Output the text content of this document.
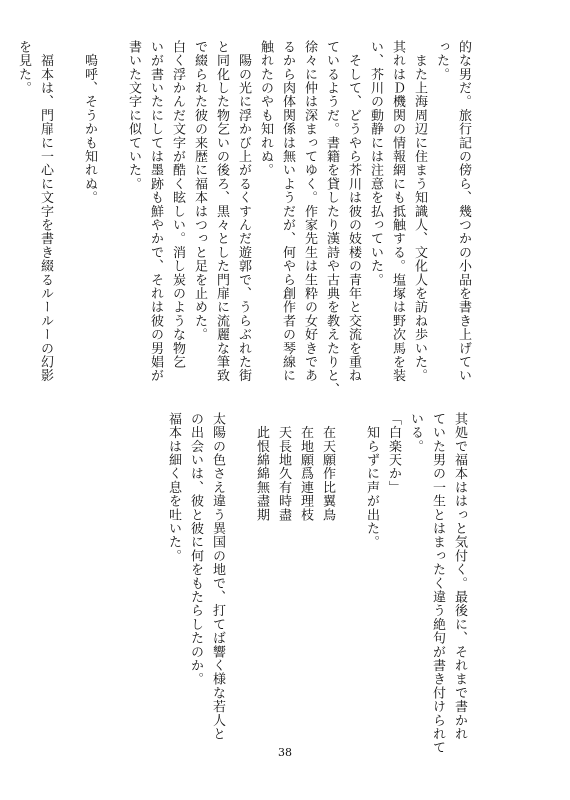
的な男だ。旅行記の傍ら、幾つかの小品を書き上げてい
った。
　また上海周辺に住まう知識人、文化人を訪ね歩いた。
其れはＤ機関の情報網にも抵触する。塩塚は野次馬を装
い、芥川の動静には注意を払っていた。
　そして、どうやら芥川は彼の妓楼の青年と交流を重ね
ているようだ。書籍を貸したり漢詩や古典を教えたりと、
徐々に仲は深まってゆく。作家先生は生粋の女好きであ
るから肉体関係は無いようだが、何やら創作者の琴線に
触れたのやも知れぬ。
　陽の光に浮かび上がるくすんだ遊郭で、うらぶれた街
と同化した物乞いの後ろ、黒々とした門扉に流麗な筆致
で綴られた彼の来歴に福本はつっと足を止めた。
白く浮かんだ文字が酷く眩しい。消し炭のような物乞
いが書いたにしては墨跡も鮮やかで、それは彼の男娼が
書いた文字に似ていた。
　嗚呼、そうかも知れぬ。
　福本は、門扉に一心に文字を書き綴るルールーの幻影
を見た。
其処で福本ははっと気付く。最後に、それまで書かれ
ていた男の一生とはまったく違う絶句が書き付けられて
いる。
「白楽天か」
　知らずに声が出た。
　在天願作比翼鳥
　在地願爲連理枝
　天長地久有時盡
　此恨綿綿無盡期
太陽の色さえ違う異国の地で、打てば響く様な若人と
の出会いは、彼と彼に何をもたらしたのか。
福本は細く息を吐いた。
38
